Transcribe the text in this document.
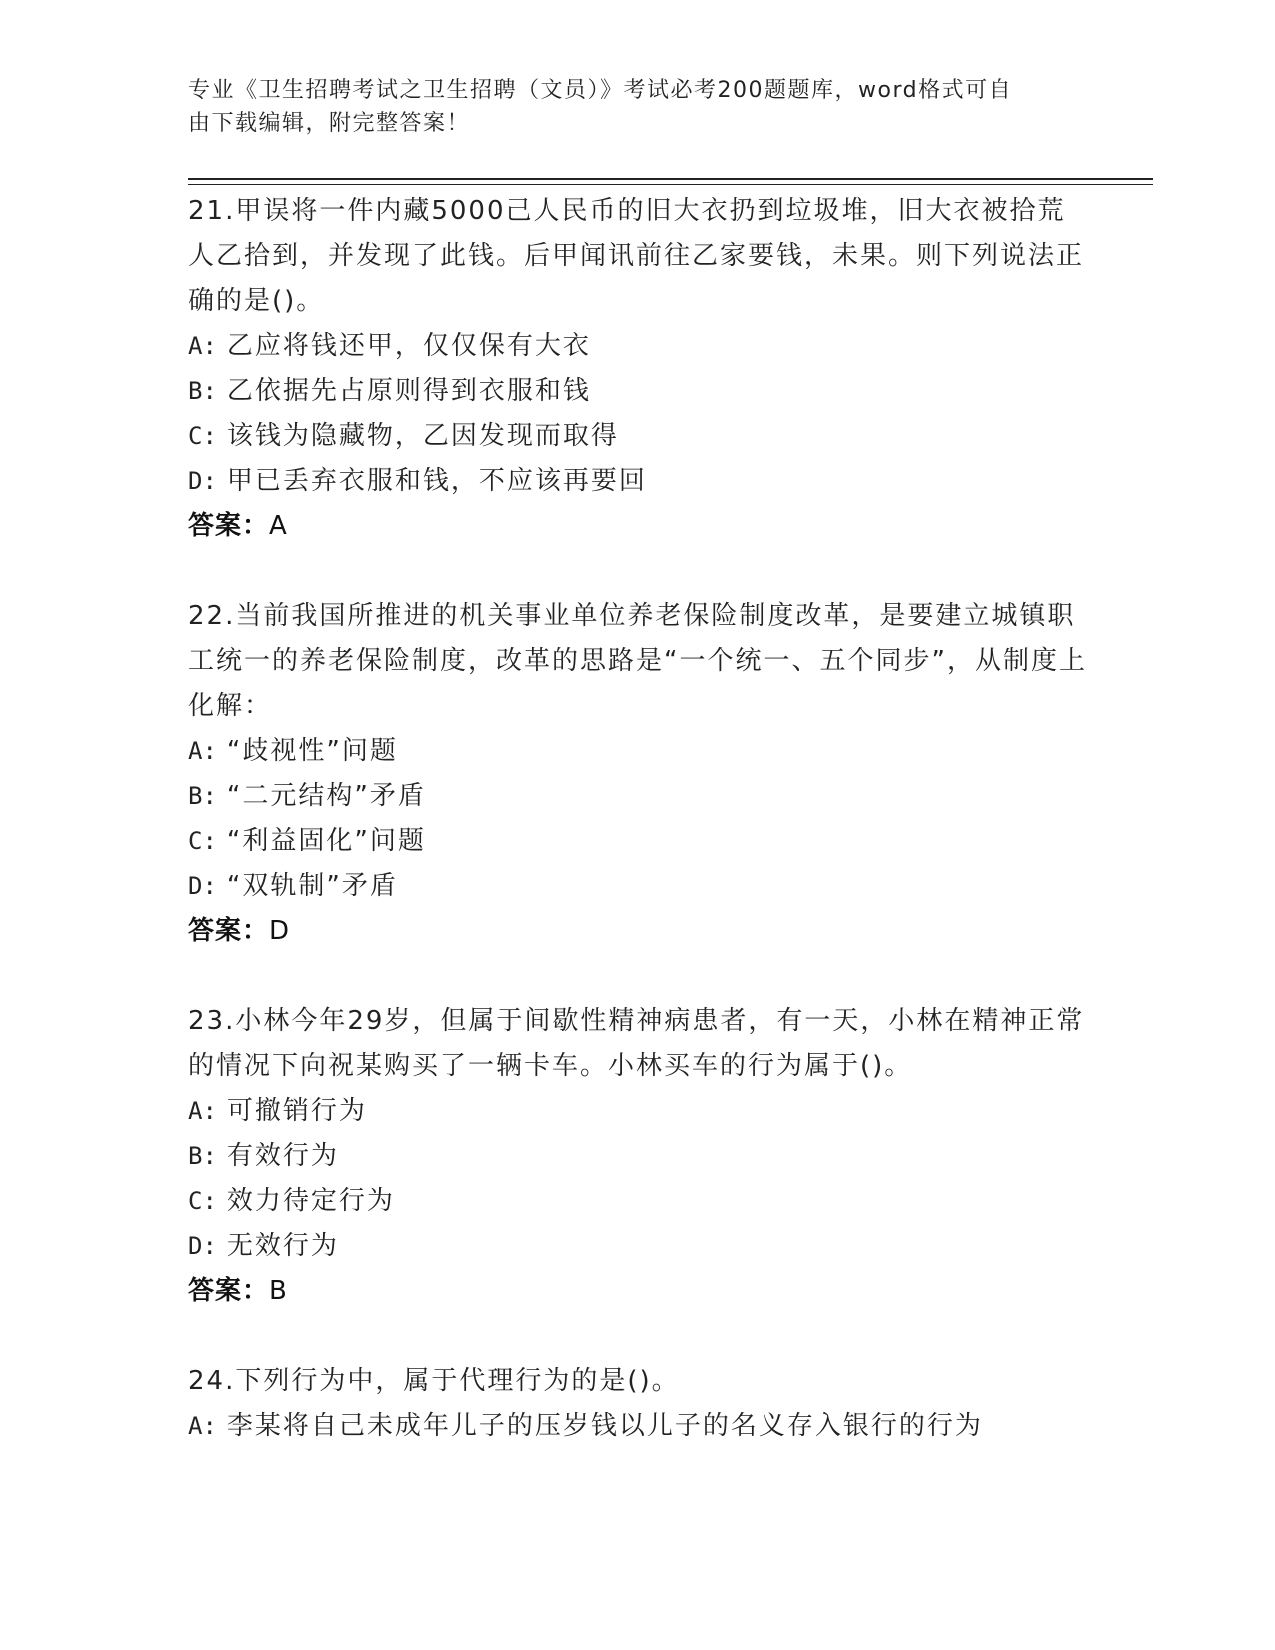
专业《卫生招聘考试之卫生招聘（文员）》考试必考200题题库，word格式可自
由下载编辑，附完整答案！

21.甲误将一件内藏5000己人民币的旧大衣扔到垃圾堆，旧大衣被拾荒人乙拾到，并发现了此钱。后甲闻讯前往乙家要钱，未果。则下列说法正确的是()。

A: 乙应将钱还甲，仅仅保有大衣

B: 乙依据先占原则得到衣服和钱

C: 该钱为隐藏物，乙因发现而取得

D: 甲已丢弃衣服和钱，不应该再要回

答案：A

22.当前我国所推进的机关事业单位养老保险制度改革，是要建立城镇职工统一的养老保险制度，改革的思路是“一个统一、五个同步”，从制度上化解：

A: “歧视性”问题

B: “二元结构”矛盾

C: “利益固化”问题

D: “双轨制”矛盾

答案：D

23.小林今年29岁，但属于间歇性精神病患者，有一天，小林在精神正常的情况下向祝某购买了一辆卡车。小林买车的行为属于()。

A: 可撤销行为

B: 有效行为

C: 效力待定行为

D: 无效行为

答案：B

24.下列行为中，属于代理行为的是()。

A: 李某将自己未成年儿子的压岁钱以儿子的名义存入银行的行为
